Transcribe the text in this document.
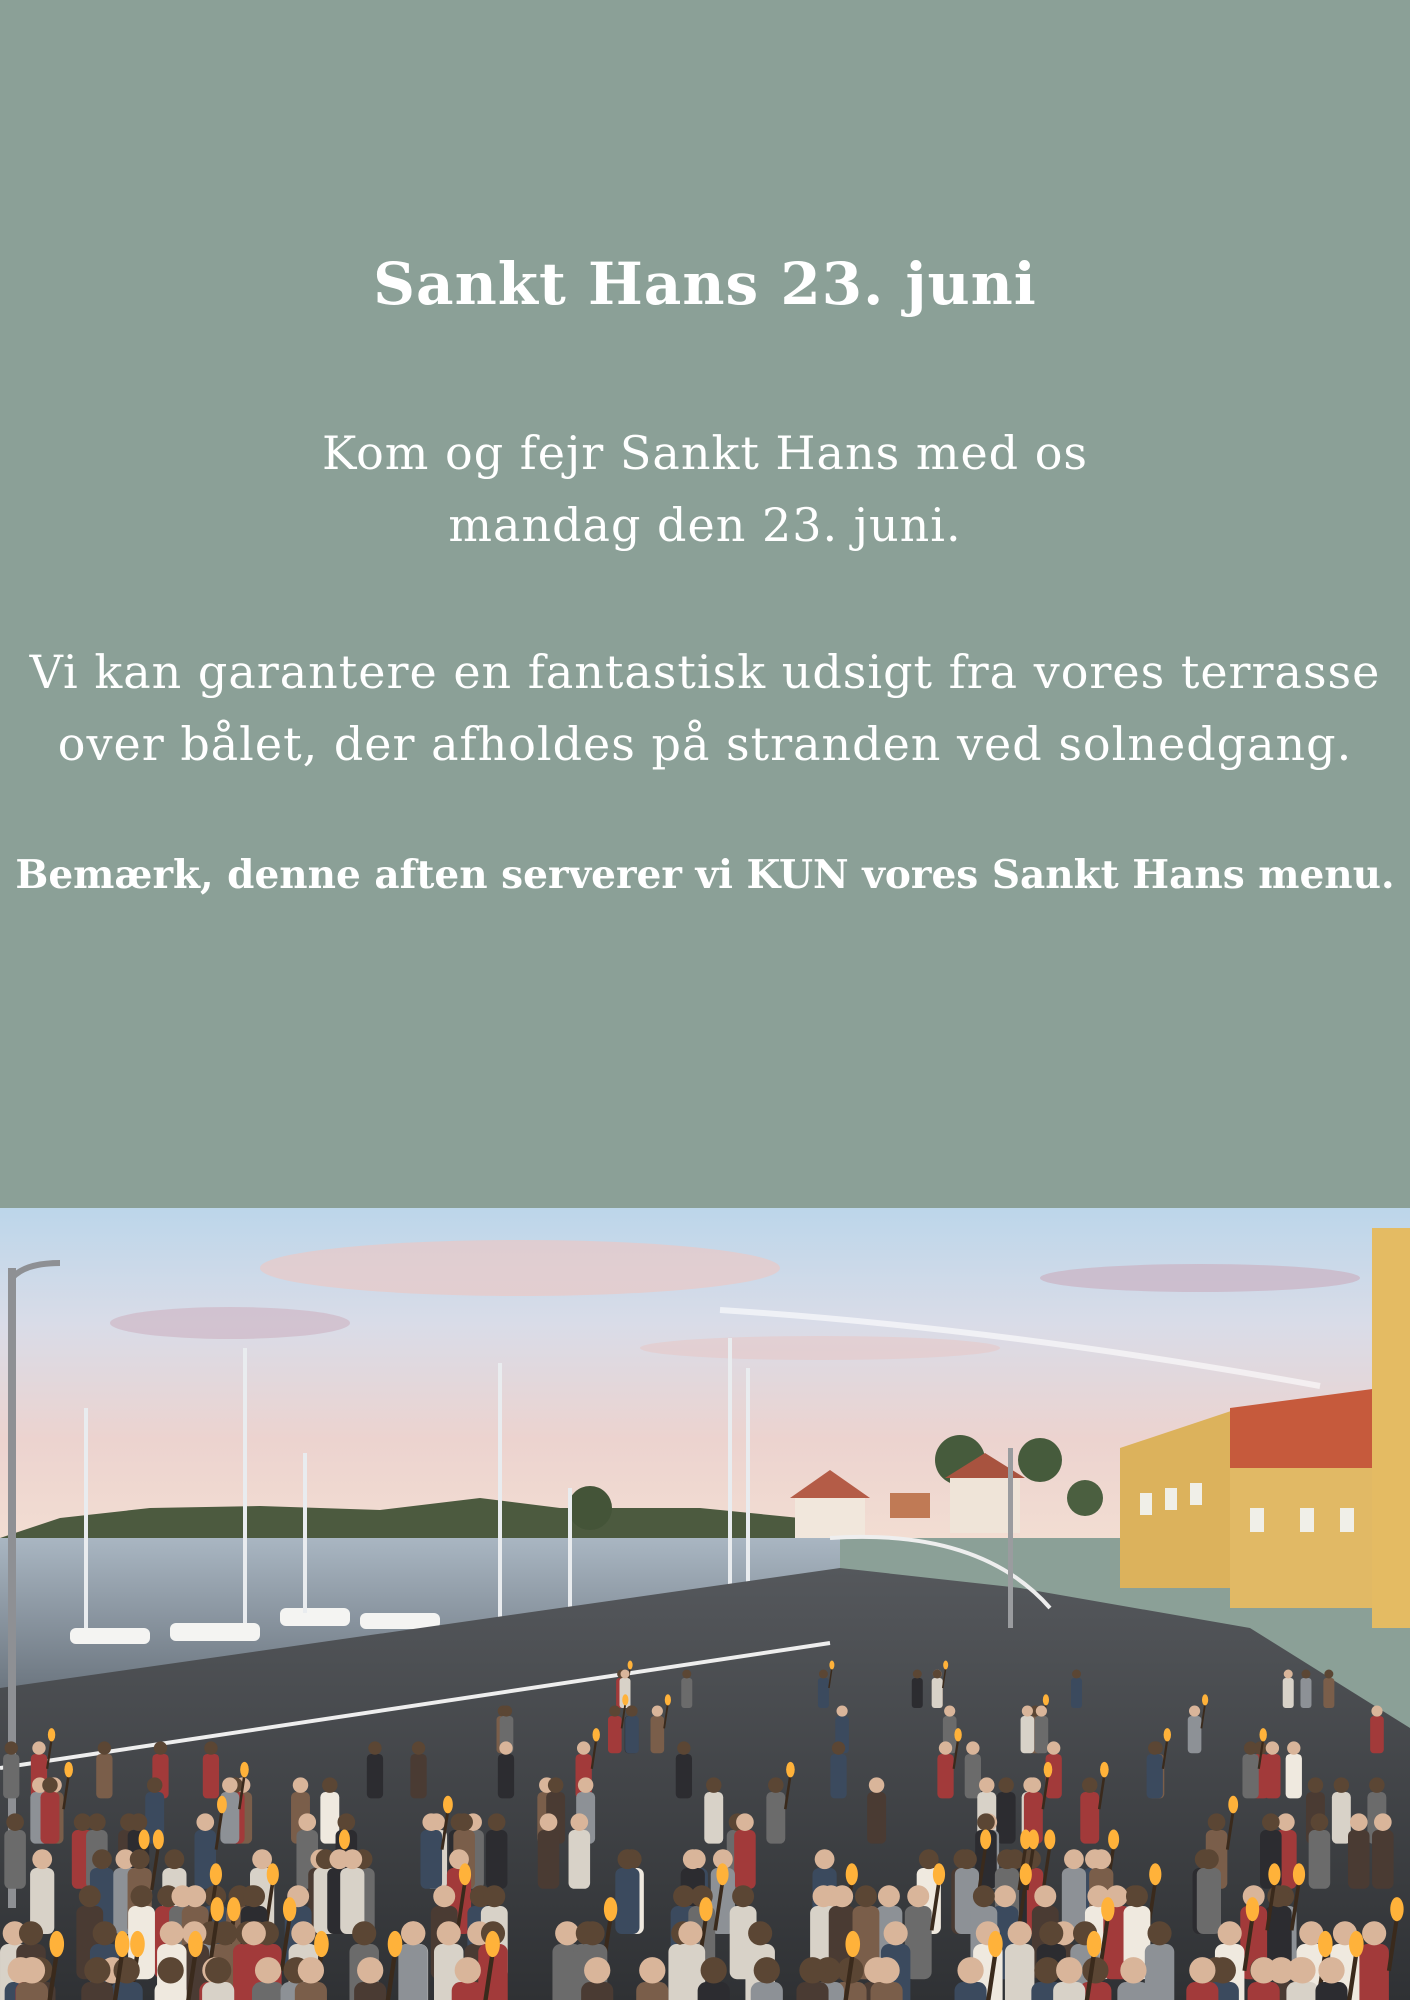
Sankt Hans 23. juni
Kom og fejr Sankt Hans med os
mandag den 23. juni.
Vi kan garantere en fantastisk udsigt fra vores terrasse
over bålet, der afholdes på stranden ved solnedgang.

Bemærk, denne aften serverer vi KUN vores Sankt Hans menu.
